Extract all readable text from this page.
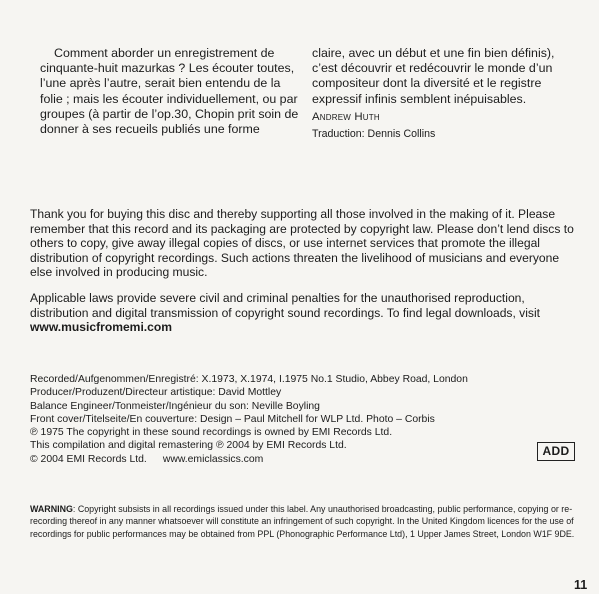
Comment aborder un enregistrement de cinquante-huit mazurkas ? Les écouter toutes, l’une après l’autre, serait bien entendu de la folie ; mais les écouter individuellement, ou par groupes (à partir de l’op.30, Chopin prit soin de donner à ses recueils publiés une forme

claire, avec un début et une fin bien définis), c’est découvrir et redécouvrir le monde d’un compositeur dont la diversité et le registre expressif infinis semblent inépuisables.

Andrew Huth
Traduction: Dennis Collins

Thank you for buying this disc and thereby supporting all those involved in the making of it. Please remember that this record and its packaging are protected by copyright law. Please don’t lend discs to others to copy, give away illegal copies of discs, or use internet services that promote the illegal distribution of copyright recordings. Such actions threaten the livelihood of musicians and everyone else involved in producing music.

Applicable laws provide severe civil and criminal penalties for the unauthorised reproduction, distribution and digital transmission of copyright sound recordings. To find legal downloads, visit
www.musicfromemi.com

Recorded/Aufgenommen/Enregistré: X.1973, X.1974, I.1975 No.1 Studio, Abbey Road, London
Producer/Produzent/Directeur artistique: David Mottley
Balance Engineer/Tonmeister/Ingénieur du son: Neville Boyling
Front cover/Titelseite/En couverture: Design – Paul Mitchell for WLP Ltd. Photo – Corbis
℗ 1975 The copyright in these sound recordings is owned by EMI Records Ltd.
This compilation and digital remastering ℗ 2004 by EMI Records Ltd.
© 2004 EMI Records Ltd. www.emiclassics.com
ADD
WARNING: Copyright subsists in all recordings issued under this label. Any unauthorised broadcasting, public performance, copying or re-recording thereof in any manner whatsoever will constitute an infringement of such copyright. In the United Kingdom licences for the use of recordings for public performances may be obtained from PPL (Phonographic Performance Ltd), 1 Upper James Street, London W1F 9DE.
11
